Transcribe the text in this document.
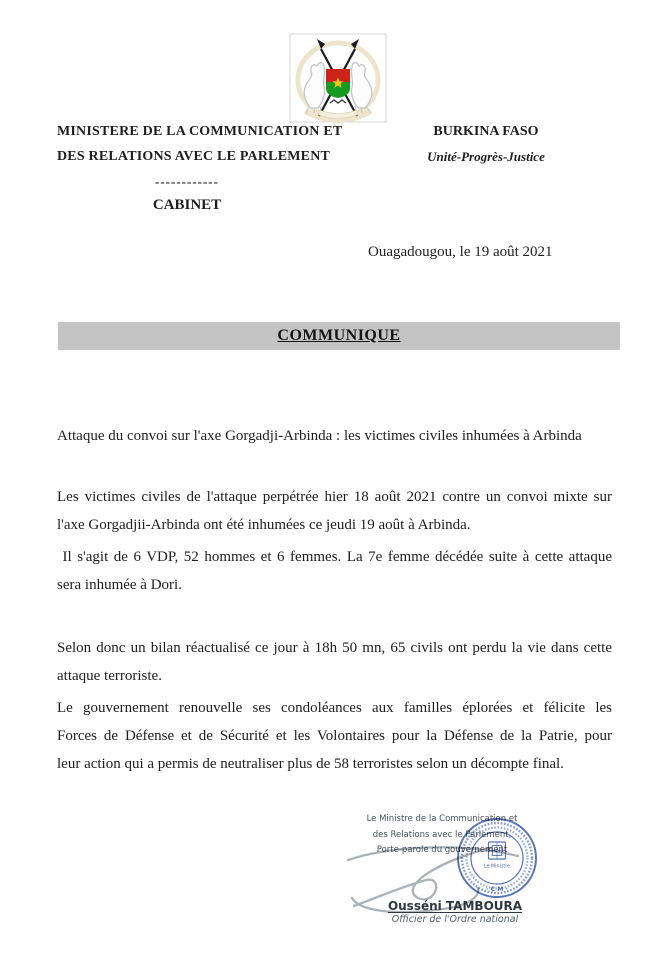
MINISTERE DE LA COMMUNICATION ET
DES RELATIONS AVEC LE PARLEMENT
------------
CABINET
BURKINA FASO
Unité-Progrès-Justice
Ouagadougou, le 19 août 2021
COMMUNIQUE
Attaque du convoi sur l'axe Gorgadji-Arbinda : les victimes civiles inhumées à Arbinda
Les victimes civiles de l'attaque perpétrée hier 18 août 2021 contre un convoi mixte sur
l'axe Gorgadjii-Arbinda ont été inhumées ce jeudi 19 août à Arbinda.
Il s'agit de 6 VDP, 52 hommes et 6 femmes. La 7e femme décédée suite à cette attaque
sera inhumée à Dori.
Selon donc un bilan réactualisé ce jour à 18h 50 mn, 65 civils ont perdu la vie dans cette
attaque terroriste.
Le gouvernement renouvelle ses condoléances aux familles éplorées et félicite les
Forces de Défense et de Sécurité et les Volontaires pour la Défense de la Patrie, pour
leur action qui a permis de neutraliser plus de 58 terroristes selon un décompte final.
Le Ministre de la Communication et
des Relations avec le Parlement,
Porte-parole du gouvernement
Le Ministre
· C M ·
Ousséni TAMBOURA
Officier de l'Ordre national
